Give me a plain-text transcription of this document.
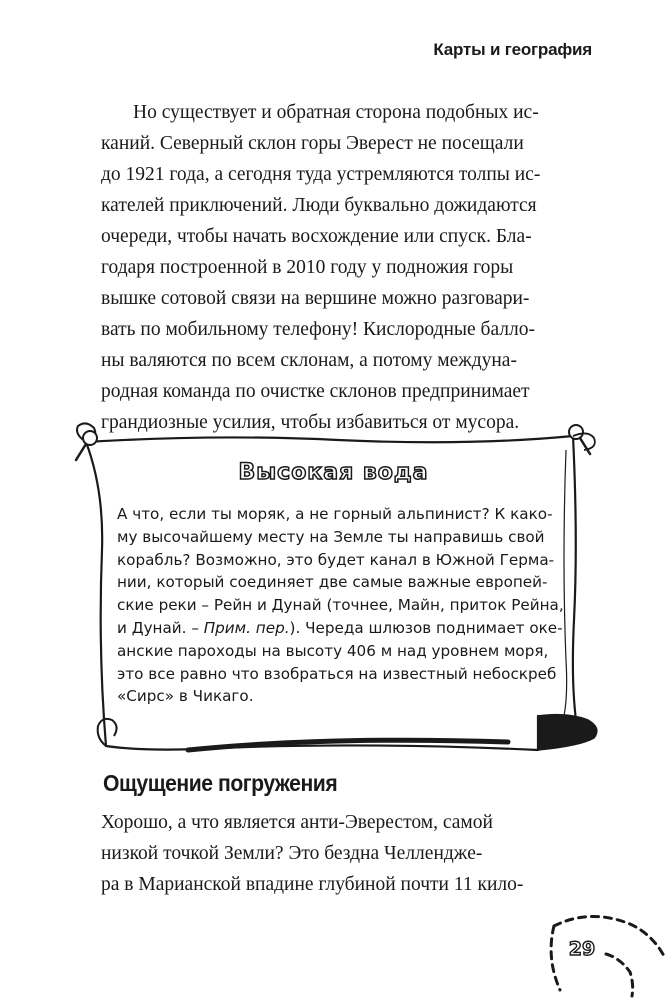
Карты и география

Но существует и обратная сторона подобных ис-
каний. Северный склон горы Эверест не посещали
до 1921 года, а сегодня туда устремляются толпы ис-
кателей приключений. Люди буквально дожидаются
очереди, чтобы начать восхождение или спуск. Бла-
годаря построенной в 2010 году у подножия горы
вышке сотовой связи на вершине можно разговари-
вать по мобильному телефону! Кислородные балло-
ны валяются по всем склонам, а потому междуна-
родная команда по очистке склонов предпринимает
грандиозные усилия, чтобы избавиться от мусора.

Высокая вода
А что, если ты моряк, а не горный альпинист? К како-
му высочайшему месту на Земле ты направишь свой
корабль? Возможно, это будет канал в Южной Герма-
нии, который соединяет две самые важные европей-
ские реки – Рейн и Дунай (точнее, Майн, приток Рейна,
и Дунай. – Прим. пер.). Череда шлюзов поднимает оке-
анские пароходы на высоту 406 м над уровнем моря,
это все равно что взобраться на известный небоскреб
«Сирс» в Чикаго.
Ощущение погружения

Хорошо, а что является анти-Эверестом, самой
низкой точкой Земли? Это бездна Челленджe-
ра в Марианской впадине глубиной почти 11 кило-

29
